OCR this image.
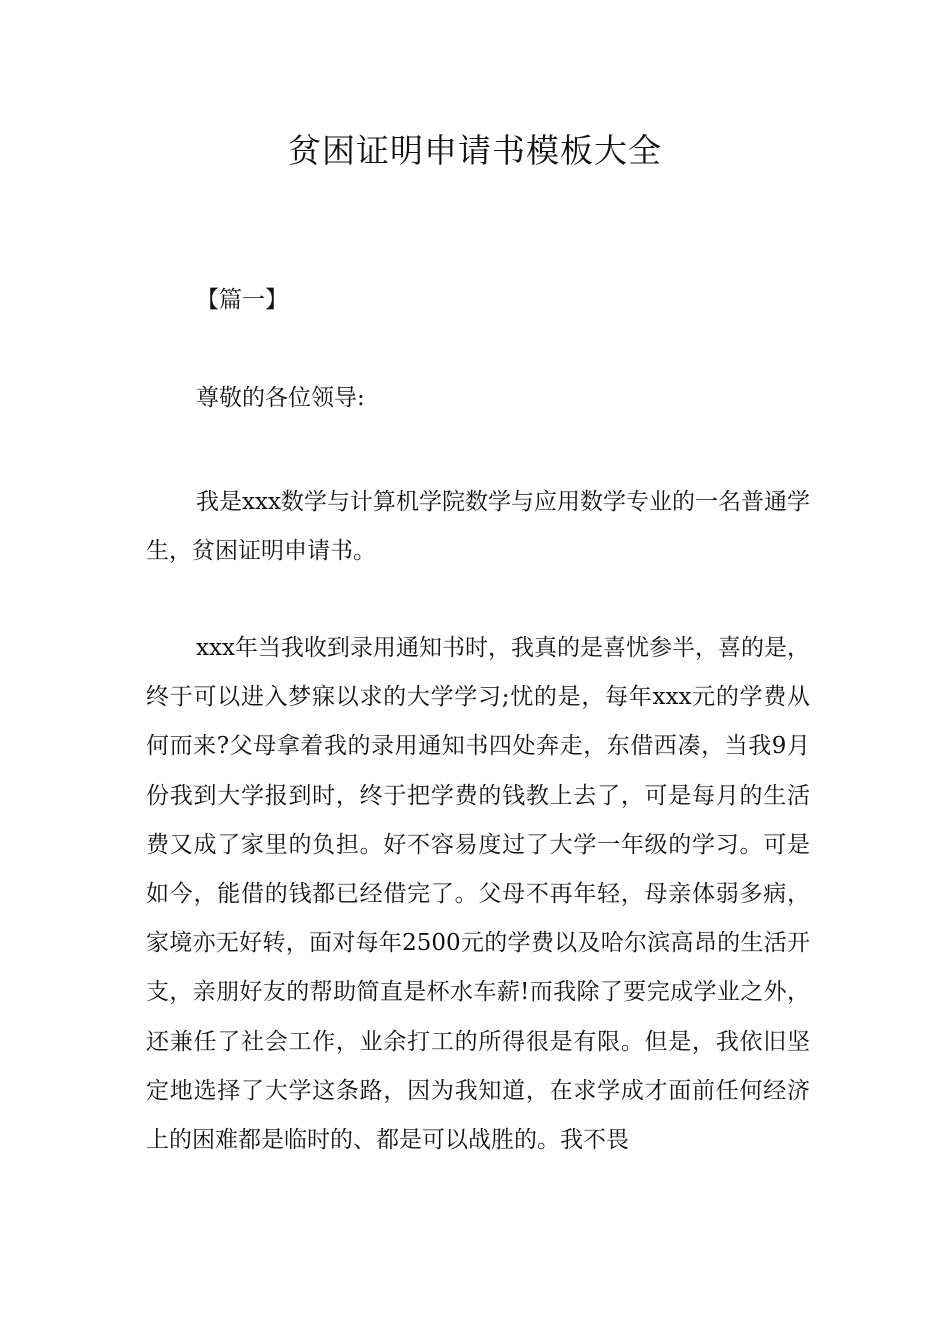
贫困证明申请书模板大全
【篇一】
尊敬的各位领导:
我是xxx数学与计算机学院数学与应用数学专业的一名普通学生，贫困证明申请书。
xxx年当我收到录用通知书时，我真的是喜忧参半，喜的是，终于可以进入梦寐以求的大学学习;忧的是，每年xxx元的学费从何而来?父母拿着我的录用通知书四处奔走，东借西凑，当我9月份我到大学报到时，终于把学费的钱教上去了，可是每月的生活费又成了家里的负担。好不容易度过了大学一年级的学习。可是如今，能借的钱都已经借完了。父母不再年轻，母亲体弱多病，家境亦无好转，面对每年2500元的学费以及哈尔滨高昂的生活开支，亲朋好友的帮助简直是杯水车薪!而我除了要完成学业之外，还兼任了社会工作，业余打工的所得很是有限。但是，我依旧坚定地选择了大学这条路，因为我知道，在求学成才面前任何经济上的困难都是临时的、都是可以战胜的。我不畏
